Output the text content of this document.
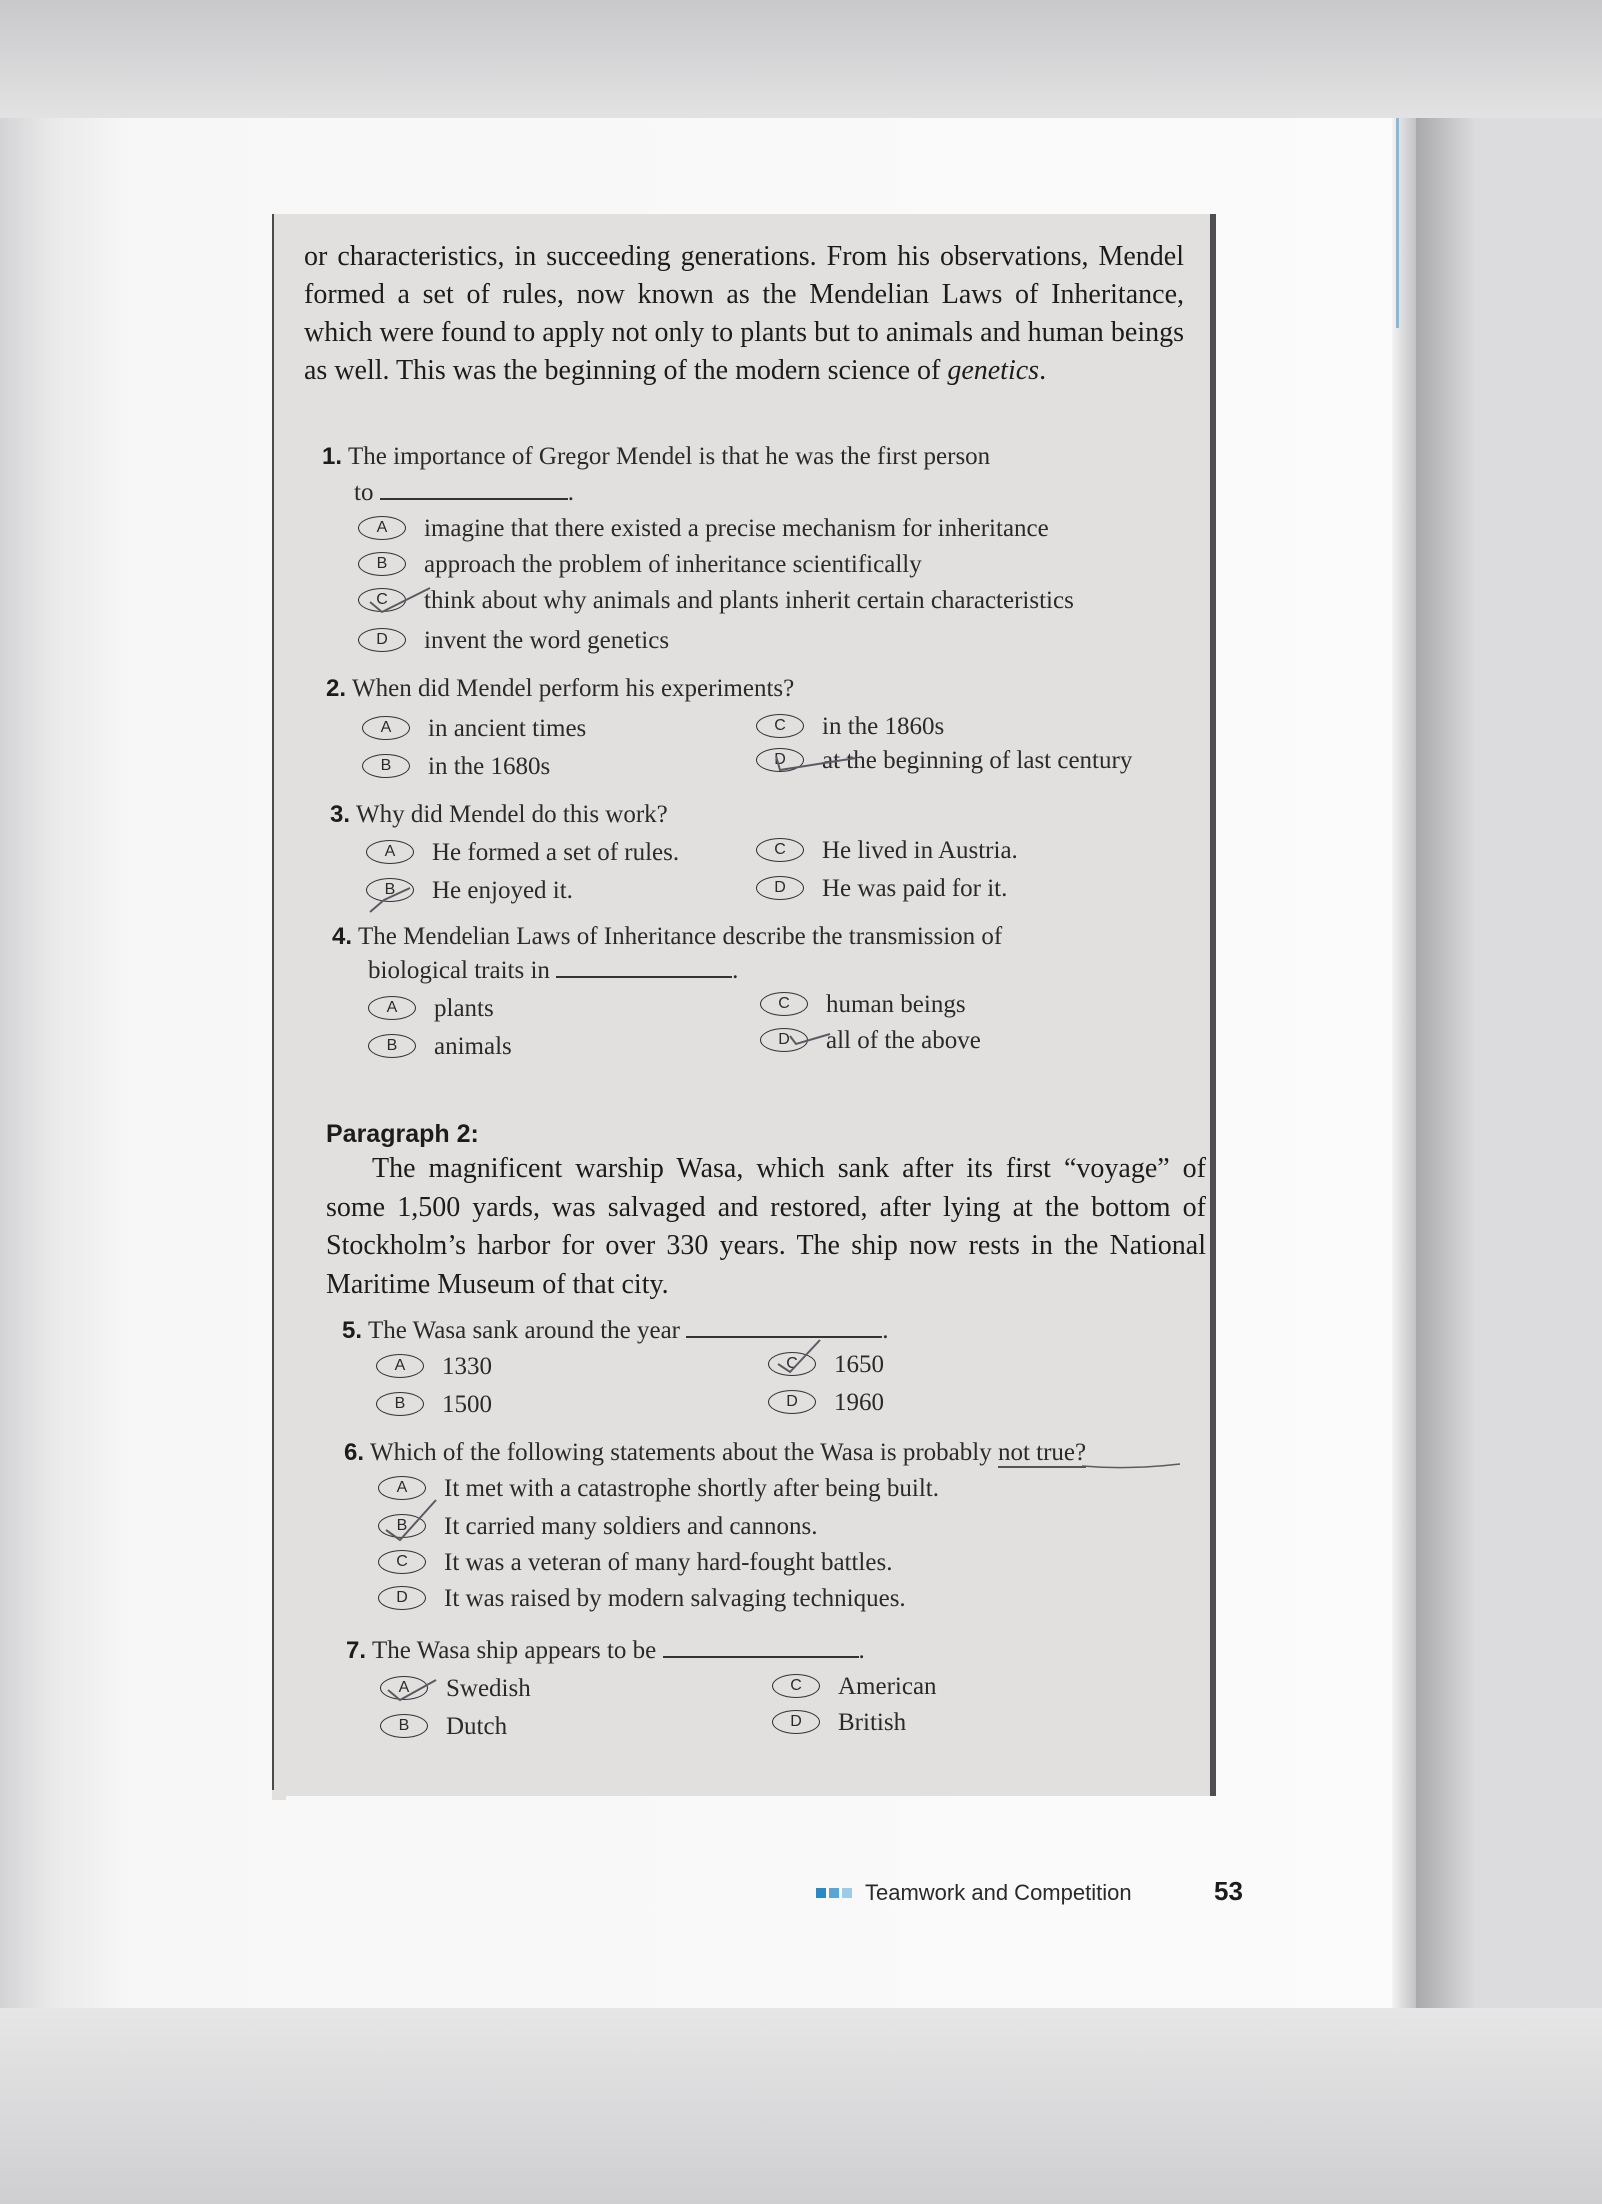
or characteristics, in succeeding generations. From his observations, Mendel formed a set of rules, now known as the Mendelian Laws of Inheritance, which were found to apply not only to plants but to animals and human beings as well. This was the beginning of the modern science of genetics.

1. The importance of Gregor Mendel is that he was the first person
to	.
A imagine that there existed a precise mechanism for inheritance
B approach the problem of inheritance scientifically
C think about why animals and plants inherit certain characteristics
D invent the word genetics
2. When did Mendel perform his experiments?
A in ancient times
B in the 1680s
C in the 1860s
D at the beginning of last century
3. Why did Mendel do this work?
A He formed a set of rules.
B He enjoyed it.
C He lived in Austria.
D He was paid for it.
4. The Mendelian Laws of Inheritance describe the transmission of
biological traits in	.
A plants
B animals
C human beings
D all of the above

Paragraph 2:

The magnificent warship Wasa, which sank after its first “voyage” of some 1,500 yards, was salvaged and restored, after lying at the bottom of Stockholm’s harbor for over 330 years. The ship now rests in the National Maritime Museum of that city.

5. The Wasa sank around the year	.
A 1330
B 1500
C 1650
D 1960
6. Which of the following statements about the Wasa is probably not true?
A It met with a catastrophe shortly after being built.
B It carried many soldiers and cannons.
C It was a veteran of many hard-fought battles.
D It was raised by modern salvaging techniques.
7. The Wasa ship appears to be	.
A Swedish
B Dutch
C American
D British
Teamwork and Competition	53
